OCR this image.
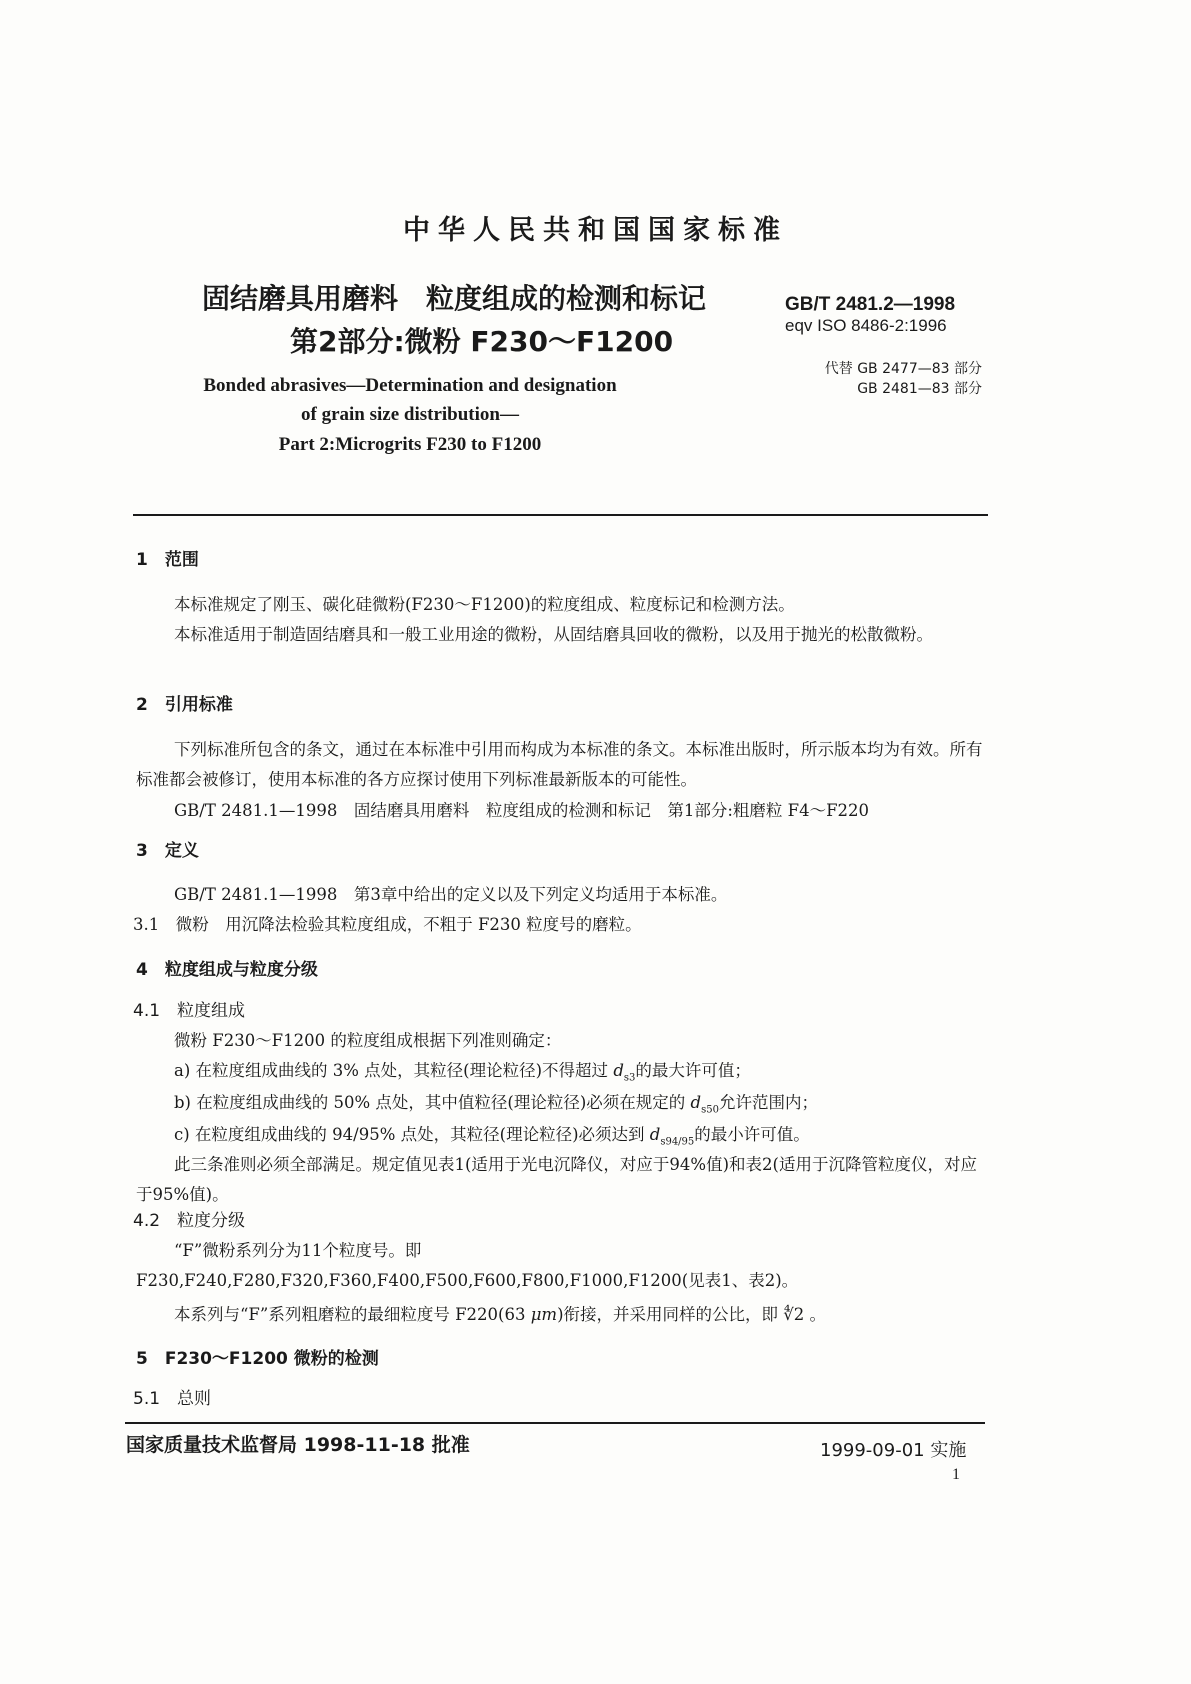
中华人民共和国国家标准
固结磨具用磨料　粒度组成的检测和标记
第2部分:微粉 F230～F1200
GB/T 2481.2—1998
eqv ISO 8486-2:1996
代替 GB 2477—83 部分
GB 2481—83 部分
Bonded abrasives—Determination and designation
of grain size distribution—
Part 2:Microgrits F230 to F1200
1　范围
本标准规定了刚玉、碳化硅微粉(F230～F1200)的粒度组成、粒度标记和检测方法。
本标准适用于制造固结磨具和一般工业用途的微粉，从固结磨具回收的微粉，以及用于抛光的松散微粉。
2　引用标准
下列标准所包含的条文，通过在本标准中引用而构成为本标准的条文。本标准出版时，所示版本均为有效。所有标准都会被修订，使用本标准的各方应探讨使用下列标准最新版本的可能性。
GB/T 2481.1—1998　固结磨具用磨料　粒度组成的检测和标记　第1部分:粗磨粒 F4～F220
3　定义
GB/T 2481.1—1998　第3章中给出的定义以及下列定义均适用于本标准。
3.1　微粉　用沉降法检验其粒度组成，不粗于 F230 粒度号的磨粒。
4　粒度组成与粒度分级
4.1　粒度组成
微粉 F230～F1200 的粒度组成根据下列准则确定：
a) 在粒度组成曲线的 3% 点处，其粒径(理论粒径)不得超过 $d_{s3}$的最大许可值；
b) 在粒度组成曲线的 50% 点处，其中值粒径(理论粒径)必须在规定的 $d_{s50}$允许范围内；
c) 在粒度组成曲线的 94/95% 点处，其粒径(理论粒径)必须达到 $d_{s94/95}$的最小许可值。
此三条准则必须全部满足。规定值见表1(适用于光电沉降仪，对应于94%值)和表2(适用于沉降管粒度仪，对应于95%值)。
4.2　粒度分级
“F”微粉系列分为11个粒度号。即 F230,F240,F280,F320,F360,F400,F500,F600,F800,F1000,F1200(见表1、表2)。
本系列与“F”系列粗磨粒的最细粒度号 F220(63 μm)衔接，并采用同样的公比，即 ∜2 。
5　F230～F1200 微粉的检测
5.1　总则
国家质量技术监督局 1998-11-18 批准	1999-09-01 实施
1
